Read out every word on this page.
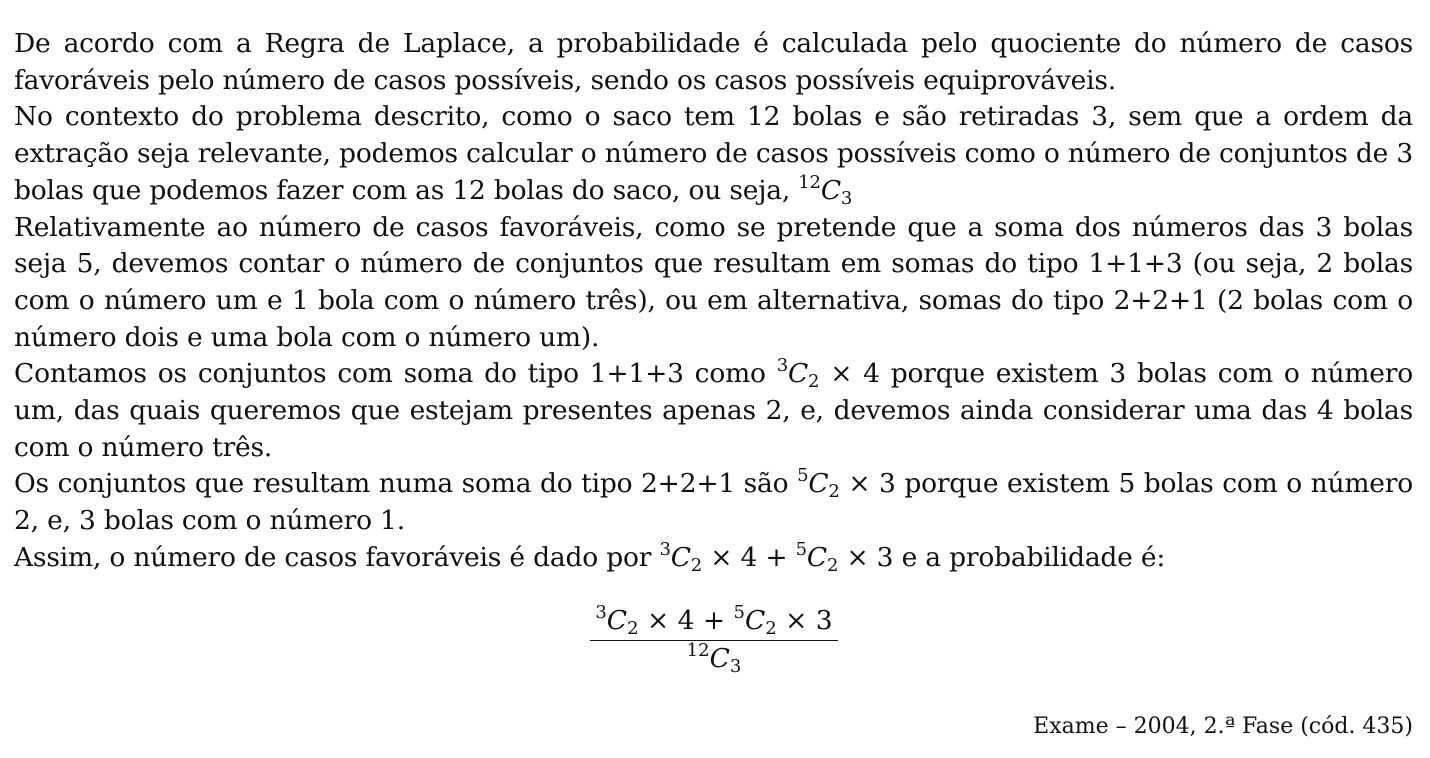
De acordo com a Regra de Laplace, a probabilidade é calculada pelo quociente do número de casos favoráveis pelo número de casos possíveis, sendo os casos possíveis equiprováveis.

No contexto do problema descrito, como o saco tem 12 bolas e são retiradas 3, sem que a ordem da extração seja relevante, podemos calcular o número de casos possíveis como o número de conjuntos de 3 bolas que podemos fazer com as 12 bolas do saco, ou seja, $^{12}$C3

Relativamente ao número de casos favoráveis, como se pretende que a soma dos números das 3 bolas seja 5, devemos contar o número de conjuntos que resultam em somas do tipo 1+1+3 (ou seja, 2 bolas com o número um e 1 bola com o número três), ou em alternativa, somas do tipo 2+2+1 (2 bolas com o número dois e uma bola com o número um).

Contamos os conjuntos com soma do tipo 1+1+3 como $^3$C2 × 4 porque existem 3 bolas com o número um, das quais queremos que estejam presentes apenas 2, e, devemos ainda considerar uma das 4 bolas com o número três.

Os conjuntos que resultam numa soma do tipo 2+2+1 são $^5$C2 × 3 porque existem 5 bolas com o número 2, e, 3 bolas com o número 1.

Assim, o número de casos favoráveis é dado por $^3$C2 × 4 + $^5$C2 × 3 e a probabilidade é:

$^3$C2 × 4 + $^5$C2 × 3
$^{12}$C3
Exame – 2004, 2.ª Fase (cód. 435)
